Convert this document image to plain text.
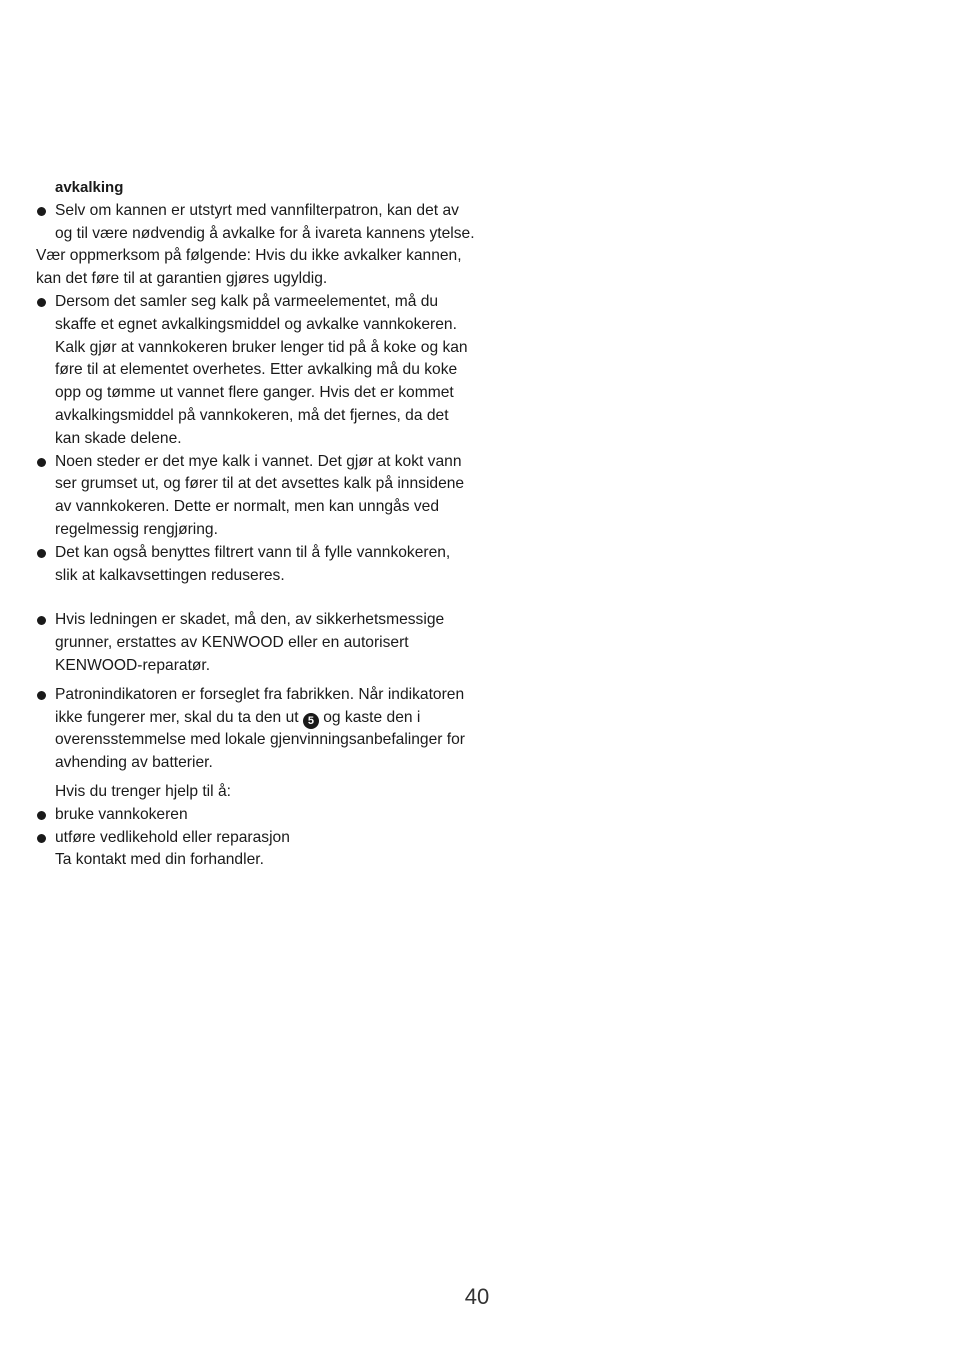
avkalking

Selv om kannen er utstyrt med vannfilterpatron, kan det av og til være nødvendig å avkalke for å ivareta kannens ytelse.

Vær oppmerksom på følgende: Hvis du ikke avkalker kannen, kan det føre til at garantien gjøres ugyldig.

Dersom det samler seg kalk på varmeelementet, må du skaffe et egnet avkalkingsmiddel og avkalke vannkokeren. Kalk gjør at vannkokeren bruker lenger tid på å koke og kan føre til at elementet overhetes. Etter avkalking må du koke opp og tømme ut vannet flere ganger. Hvis det er kommet avkalkingsmiddel på vannkokeren, må det fjernes, da det kan skade delene.
Noen steder er det mye kalk i vannet. Det gjør at kokt vann ser grumset ut, og fører til at det avsettes kalk på innsidene av vannkokeren. Dette er normalt, men kan unngås ved regelmessig rengjøring.
Det kan også benyttes filtrert vann til å fylle vannkokeren, slik at kalkavsettingen reduseres.
Hvis ledningen er skadet, må den, av sikkerhetsmessige grunner, erstattes av KENWOOD eller en autorisert KENWOOD-reparatør.
Patronindikatoren er forseglet fra fabrikken. Når indikatoren ikke fungerer mer, skal du ta den ut 5 og kaste den i overensstemmelse med lokale gjenvinningsanbefalinger for avhending av batterier.

Hvis du trenger hjelp til å:

bruke vannkokeren
utføre vedlikehold eller reparasjon

Ta kontakt med din forhandler.

40
